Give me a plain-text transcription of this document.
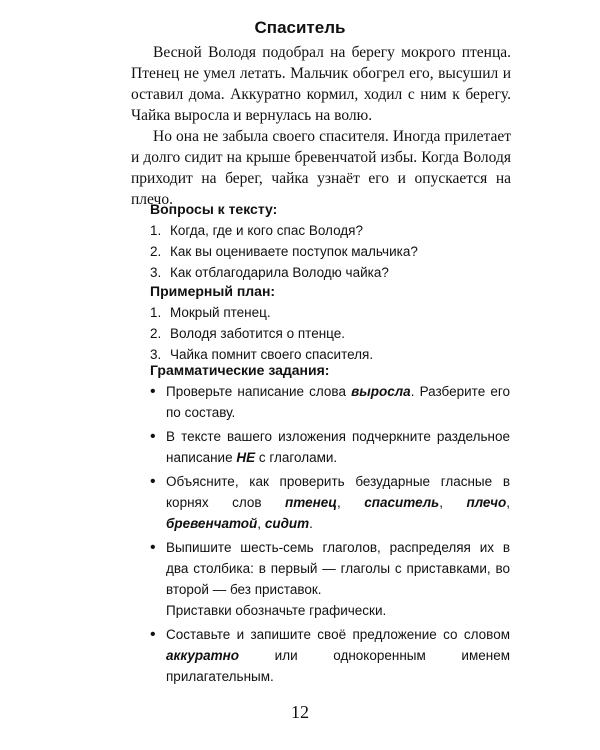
Спаситель

Весной Володя подобрал на берегу мокрого птенца. Птенец не умел летать. Мальчик обогрел его, высушил и оставил дома. Аккуратно кормил, ходил с ним к берегу. Чайка выросла и вернулась на волю.

Но она не забыла своего спасителя. Иногда прилетает и долго сидит на крыше бревенчатой избы. Когда Володя приходит на берег, чайка узнаёт его и опускается на плечо.

Вопросы к тексту:
1. Когда, где и кого спас Володя?
2. Как вы оцениваете поступок мальчика?
3. Как отблагодарила Володю чайка?
Примерный план:
1. Мокрый птенец.
2. Володя заботится о птенце.
3. Чайка помнит своего спасителя.
Грамматические задания:
• Проверьте написание слова выросла. Разберите его по составу.
• В тексте вашего изложения подчеркните раздельное написание НЕ с глаголами.
• Объясните, как проверить безударные гласные в корнях слов птенец, спаситель, плечо, бревенчатой, сидит.
• Выпишите шесть-семь глаголов, распределяя их в два столбика: в первый — глаголы с приставками, во второй — без приставок.
Приставки обозначьте графически.
• Составьте и запишите своё предложение со словом аккуратно или однокоренным именем прилагательным.
12
